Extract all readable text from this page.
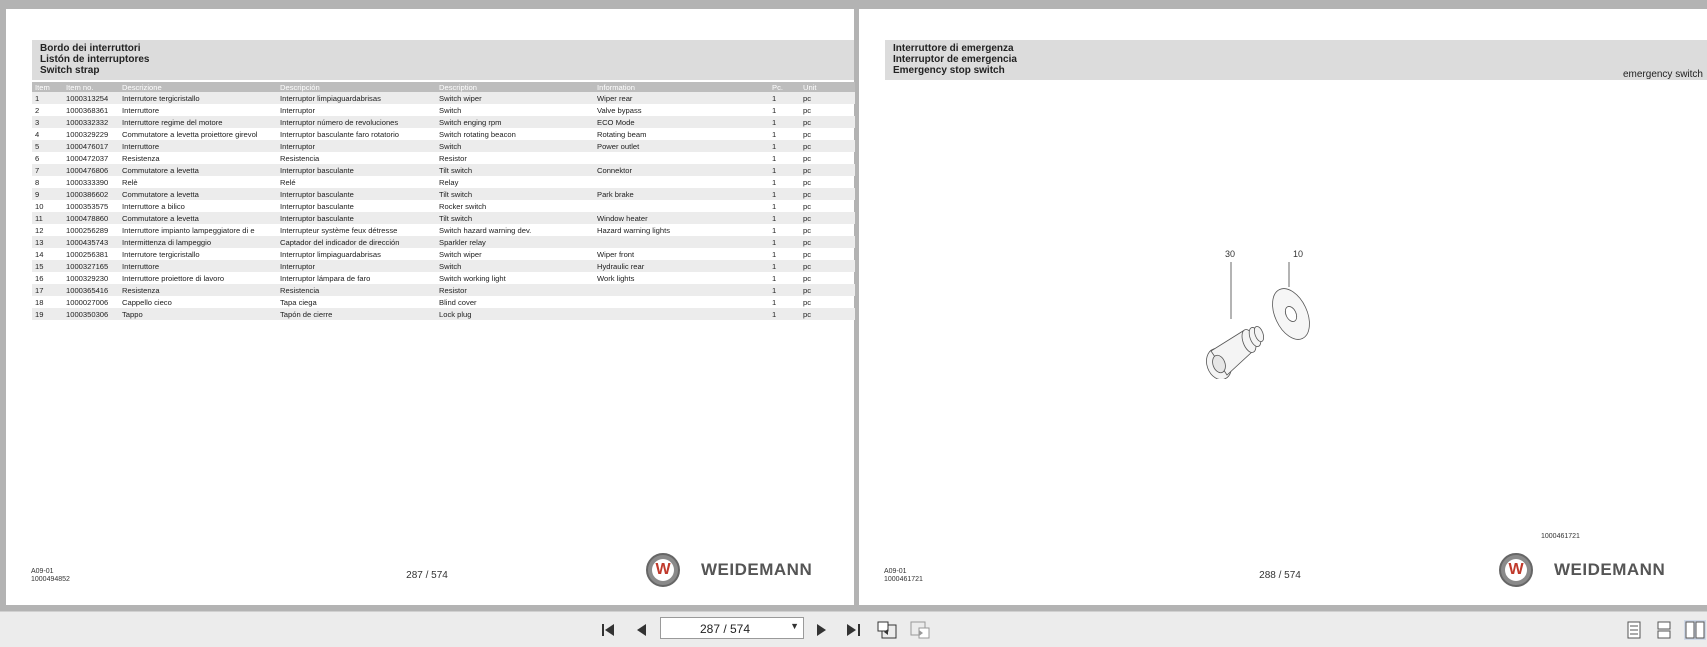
Bordo dei interruttori
Listón de interruptores
Switch strap
Item	Item no.	Descrizione	Descripción	Description	Information	Pc.	Unit
1	1000313254	Interrutore tergicristallo	Interruptor limpiaguardabrisas	Switch wiper	Wiper rear	1	pc
2	1000368361	Interruttore	Interruptor	Switch	Valve bypass	1	pc
3	1000332332	Interruttore regime del motore	Interruptor número de revoluciones	Switch enging rpm	ECO Mode	1	pc
4	1000329229	Commutatore a levetta proiettore girevol	Interruptor basculante faro rotatorio	Switch rotating beacon	Rotating beam	1	pc
5	1000476017	Interruttore	Interruptor	Switch	Power outlet	1	pc
6	1000472037	Resistenza	Resistencia	Resistor		1	pc
7	1000476806	Commutatore a levetta	Interruptor basculante	Tilt switch	Connektor	1	pc
8	1000333390	Relè	Relé	Relay		1	pc
9	1000386602	Commutatore a levetta	Interruptor basculante	Tilt switch	Park brake	1	pc
10	1000353575	Interruttore a bilico	Interruptor basculante	Rocker switch		1	pc
11	1000478860	Commutatore a levetta	Interruptor basculante	Tilt switch	Window heater	1	pc
12	1000256289	Interruttore impianto lampeggiatore di e	Interrupteur système feux détresse	Switch hazard warning dev.	Hazard warning lights	1	pc
13	1000435743	Intermittenza di lampeggio	Captador del indicador de dirección	Sparkler relay		1	pc
14	1000256381	Interrutore tergicristallo	Interruptor limpiaguardabrisas	Switch wiper	Wiper front	1	pc
15	1000327165	Interruttore	Interruptor	Switch	Hydraulic rear	1	pc
16	1000329230	Interruttore proiettore di lavoro	Interruptor lámpara de faro	Switch working light	Work lights	1	pc
17	1000365416	Resistenza	Resistencia	Resistor		1	pc
18	1000027006	Cappello cieco	Tapa ciega	Blind cover		1	pc
19	1000350306	Tappo	Tapón de cierre	Lock plug		1	pc
A09-01
1000494852	287 / 574	W WEIDEMANN
Interruttore di emergenza
Interruptor de emergencia
Emergency stop switch	emergency switch
30	10
1000461721
A09-01
1000461721	288 / 574	W WEIDEMANN
287 / 574	▼
